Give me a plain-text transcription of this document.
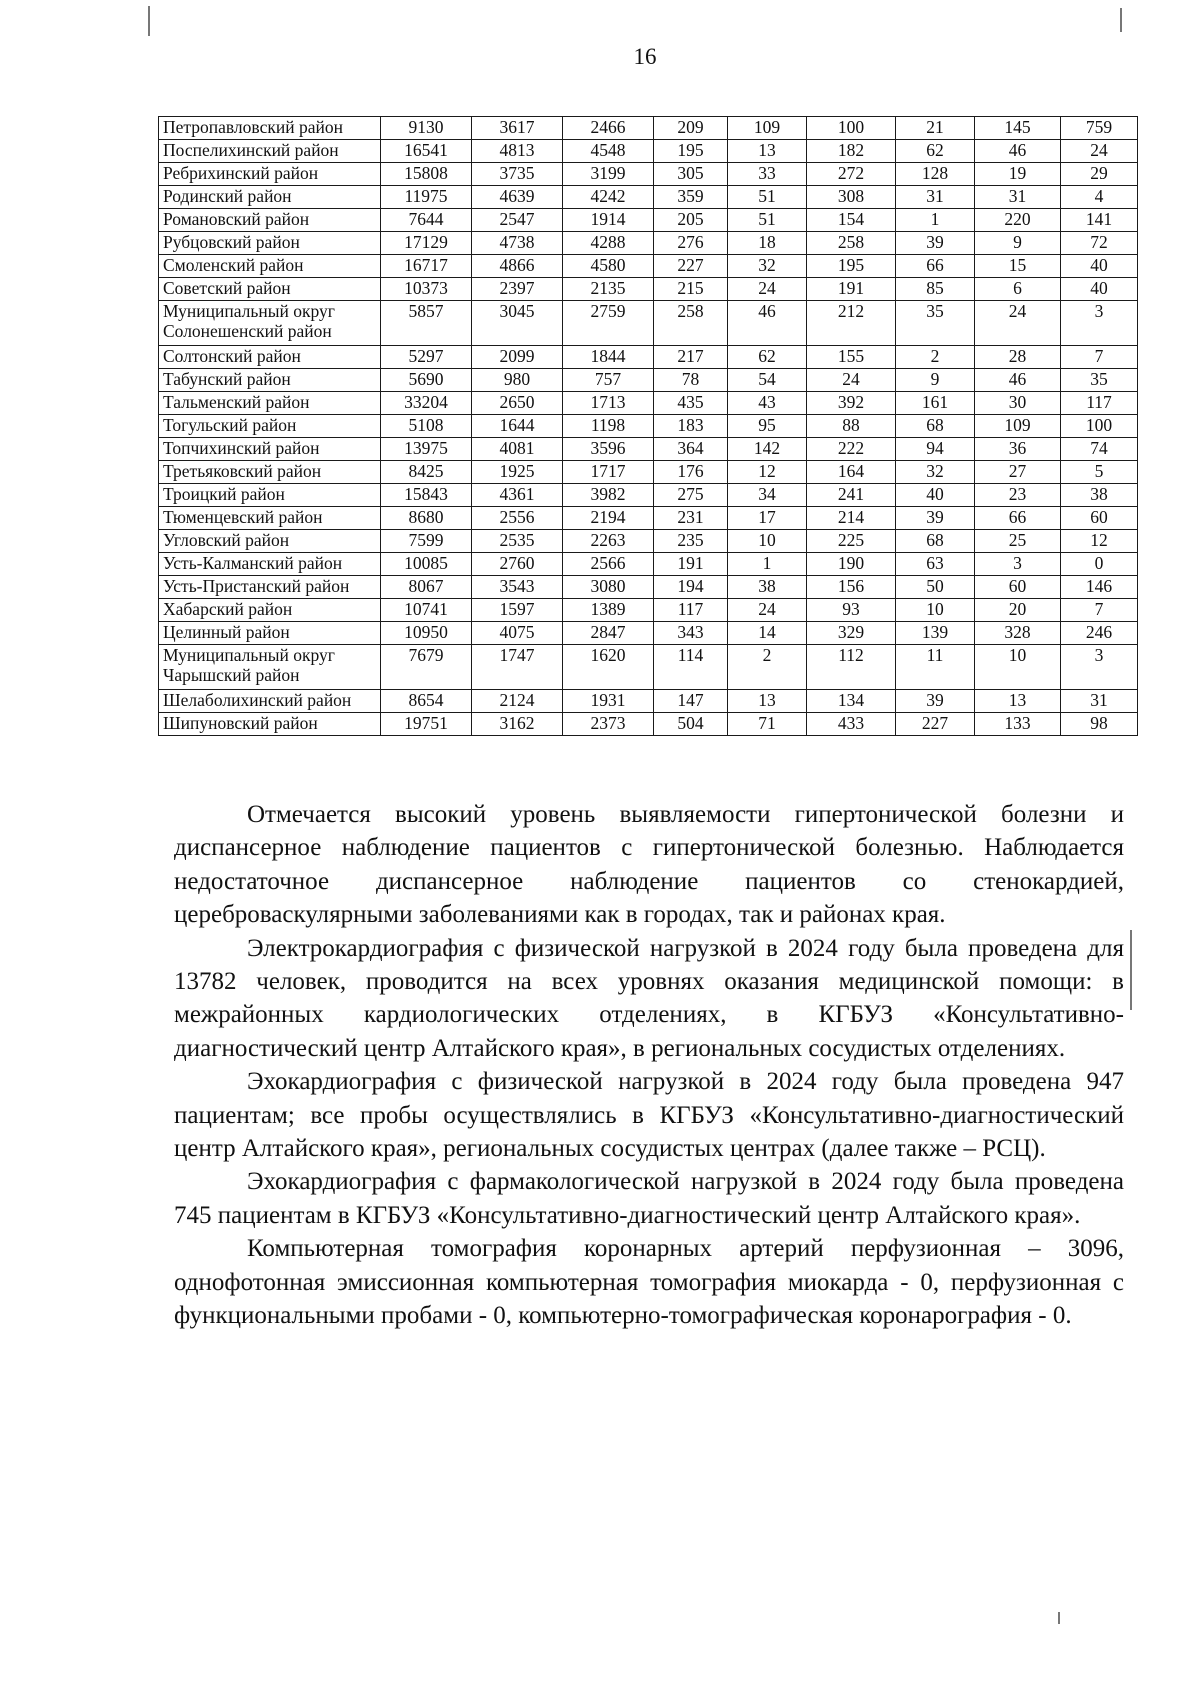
16
Петропавловский район	9130	3617	2466	209	109	100	21	145	759

Поспелихинский район	16541	4813	4548	195	13	182	62	46	24

Ребрихинский район	15808	3735	3199	305	33	272	128	19	29

Родинский район	11975	4639	4242	359	51	308	31	31	4

Романовский район	7644	2547	1914	205	51	154	1	220	141

Рубцовский район	17129	4738	4288	276	18	258	39	9	72

Смоленский район	16717	4866	4580	227	32	195	66	15	40

Советский район	10373	2397	2135	215	24	191	85	6	40

Муниципальный округ
Солонешенский район	5857	3045	2759	258	46	212	35	24	3

Солтонский район	5297	2099	1844	217	62	155	2	28	7

Табунский район	5690	980	757	78	54	24	9	46	35

Тальменский район	33204	2650	1713	435	43	392	161	30	117

Тогульский район	5108	1644	1198	183	95	88	68	109	100

Топчихинский район	13975	4081	3596	364	142	222	94	36	74

Третьяковский район	8425	1925	1717	176	12	164	32	27	5

Троицкий район	15843	4361	3982	275	34	241	40	23	38

Тюменцевский район	8680	2556	2194	231	17	214	39	66	60

Угловский район	7599	2535	2263	235	10	225	68	25	12

Усть-Калманский район	10085	2760	2566	191	1	190	63	3	0

Усть-Пристанский район	8067	3543	3080	194	38	156	50	60	146

Хабарский район	10741	1597	1389	117	24	93	10	20	7

Целинный район	10950	4075	2847	343	14	329	139	328	246

Муниципальный округ
Чарышский район	7679	1747	1620	114	2	112	11	10	3

Шелаболихинский район	8654	2124	1931	147	13	134	39	13	31

Шипуновский район	19751	3162	2373	504	71	433	227	133	98

Отмечается высокий уровень выявляемости гипертонической болезни и диспансерное наблюдение пациентов с гипертонической болезнью. Наблюдается недостаточное диспансерное наблюдение пациентов со стенокардией, цереброваскулярными заболеваниями как в городах, так и районах края.

Электрокардиография с физической нагрузкой в 2024 году была проведена для 13782 человек, проводится на всех уровнях оказания медицинской помощи: в межрайонных кардиологических отделениях, в КГБУЗ «Консультативно-диагностический центр Алтайского края», в региональных сосудистых отделениях.

Эхокардиография с физической нагрузкой в 2024 году была проведена 947 пациентам; все пробы осуществлялись в КГБУЗ «Консультативно-диагностический центр Алтайского края», региональных сосудистых центрах (далее также – РСЦ).

Эхокардиография с фармакологической нагрузкой в 2024 году была проведена 745 пациентам в КГБУЗ «Консультативно-диагностический центр Алтайского края».

Компьютерная томография коронарных артерий перфузионная – 3096, однофотонная эмиссионная компьютерная томография миокарда - 0, перфузионная с функциональными пробами - 0, компьютерно-томографическая коронарография - 0.
